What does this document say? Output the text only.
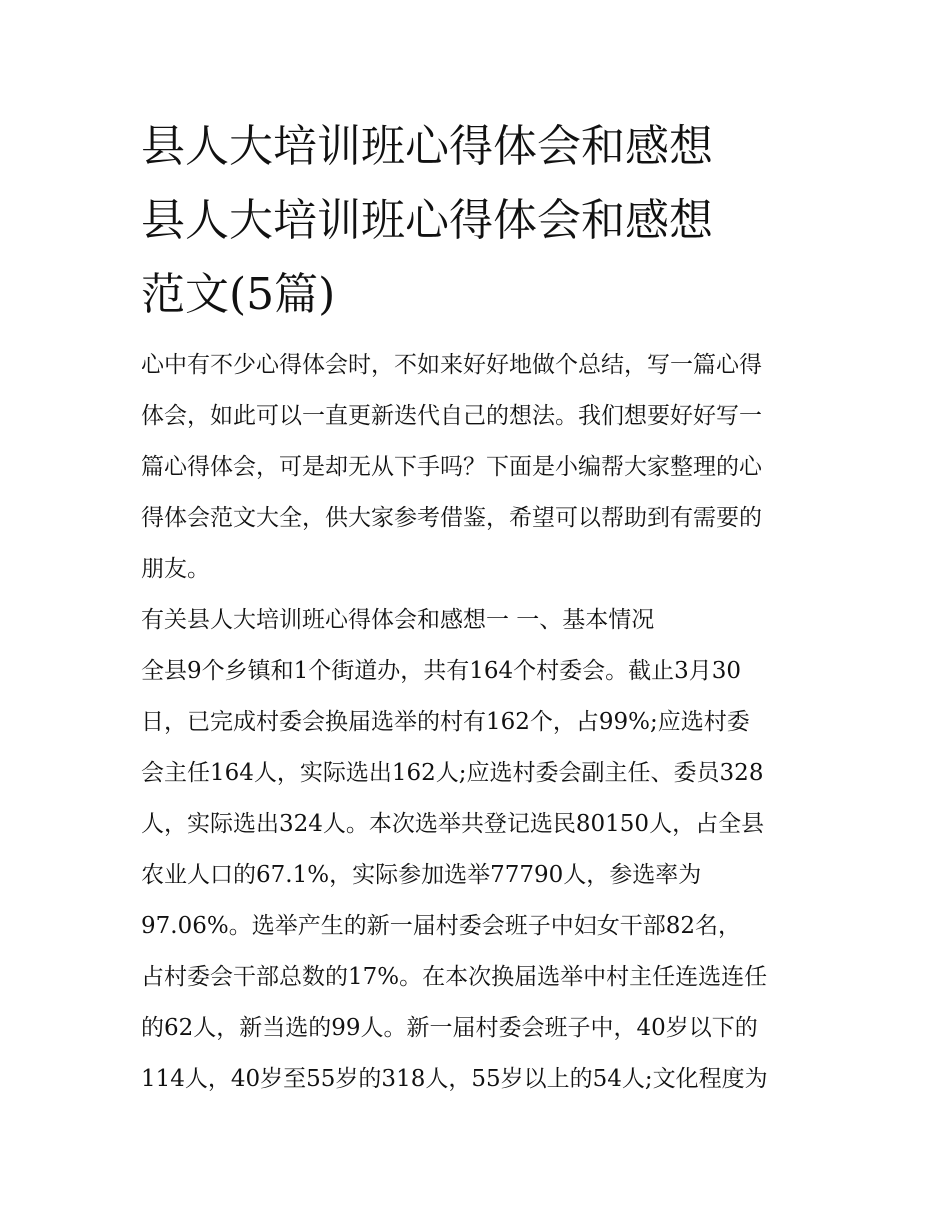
县人大培训班心得体会和感想
县人大培训班心得体会和感想
范文(5篇)
心中有不少心得体会时，不如来好好地做个总结，写一篇心得
体会，如此可以一直更新迭代自己的想法。我们想要好好写一
篇心得体会，可是却无从下手吗？下面是小编帮大家整理的心
得体会范文大全，供大家参考借鉴，希望可以帮助到有需要的
朋友。
有关县人大培训班心得体会和感想一 一、基本情况
全县9个乡镇和1个街道办，共有164个村委会。截止3月30
日，已完成村委会换届选举的村有162个，占99%;应选村委
会主任164人，实际选出162人;应选村委会副主任、委员328
人，实际选出324人。本次选举共登记选民80150人，占全县
农业人口的67.1%，实际参加选举77790人，参选率为
97.06%。选举产生的新一届村委会班子中妇女干部82名，
占村委会干部总数的17%。在本次换届选举中村主任连选连任
的62人，新当选的99人。新一届村委会班子中，40岁以下的
114人，40岁至55岁的318人，55岁以上的54人;文化程度为
